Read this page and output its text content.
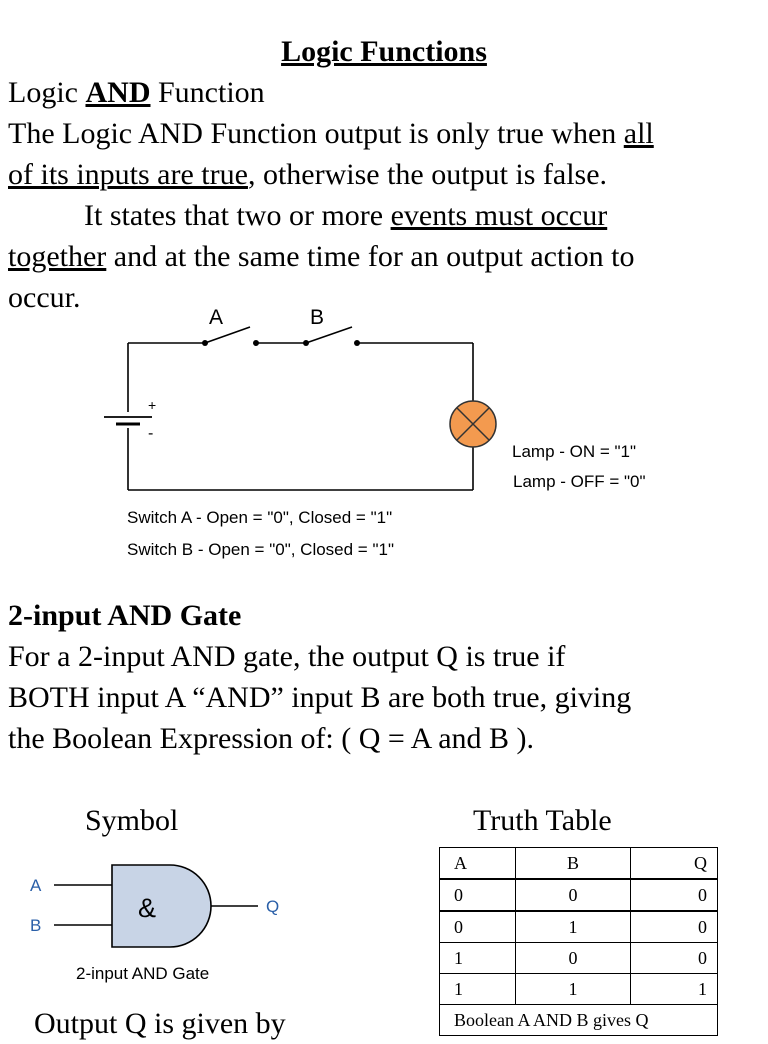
Logic Functions
Logic AND Function
The Logic AND Function output is only true when all
of its inputs are true, otherwise the output is false.
It states that two or more events must occur
together and at the same time for an output action to
occur.
+
-
A	B
Lamp - ON = "1"
Lamp - OFF = "0"
Switch A - Open = "0", Closed = "1"
Switch B - Open = "0", Closed = "1"
2-input AND Gate
For a 2-input AND gate, the output Q is true if
BOTH input A “AND” input B are both true, giving
the Boolean Expression of: ( Q = A and B ).
Symbol
&
A
B
Q
2-input AND Gate
Truth Table
A	B	Q
0	0	0
0	1	0
1	0	0
1	1	1
Boolean A AND B gives Q		
Output Q is given by
